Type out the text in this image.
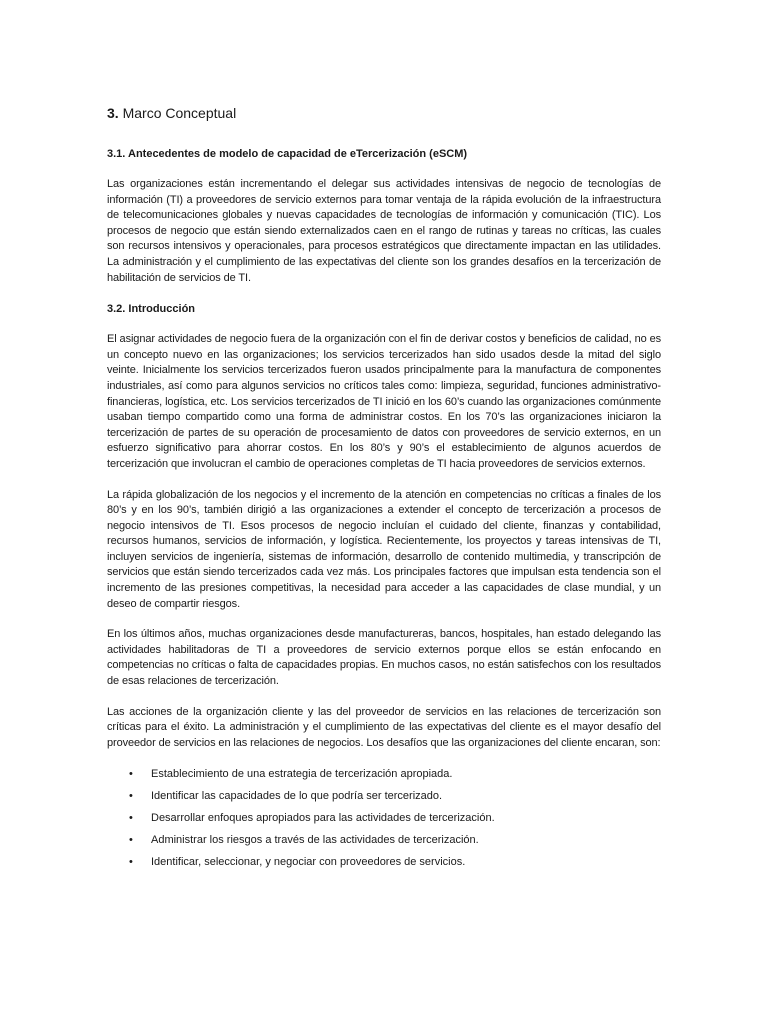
3. Marco Conceptual
3.1. Antecedentes de modelo de capacidad de eTercerización (eSCM)

Las organizaciones están incrementando el delegar sus actividades intensivas de negocio de tecnologías de información (TI) a proveedores de servicio externos para tomar ventaja de la rápida evolución de la infraestructura de telecomunicaciones globales y nuevas capacidades de tecnologías de información y comunicación (TIC). Los procesos de negocio que están siendo externalizados caen en el rango de rutinas y tareas no críticas, las cuales son recursos intensivos y operacionales, para procesos estratégicos que directamente impactan en las utilidades. La administración y el cumplimiento de las expectativas del cliente son los grandes desafíos en la tercerización de habilitación de servicios de TI.

3.2. Introducción

El asignar actividades de negocio fuera de la organización con el fin de derivar costos y beneficios de calidad, no es un concepto nuevo en las organizaciones; los servicios tercerizados han sido usados desde la mitad del siglo veinte. Inicialmente los servicios tercerizados fueron usados principalmente para la manufactura de componentes industriales, así como para algunos servicios no críticos tales como: limpieza, seguridad, funciones administrativo-financieras, logística, etc. Los servicios tercerizados de TI inició en los 60’s cuando las organizaciones comúnmente usaban tiempo compartido como una forma de administrar costos. En los 70’s las organizaciones iniciaron la tercerización de partes de su operación de procesamiento de datos con proveedores de servicio externos, en un esfuerzo significativo para ahorrar costos. En los 80’s y 90’s el establecimiento de algunos acuerdos de tercerización que involucran el cambio de operaciones completas de TI hacia proveedores de servicios externos.

La rápida globalización de los negocios y el incremento de la atención en competencias no críticas a finales de los 80’s y en los 90’s, también dirigió a las organizaciones a extender el concepto de tercerización a procesos de negocio intensivos de TI. Esos procesos de negocio incluían el cuidado del cliente, finanzas y contabilidad, recursos humanos, servicios de información, y logística. Recientemente, los proyectos y tareas intensivas de TI, incluyen servicios de ingeniería, sistemas de información, desarrollo de contenido multimedia, y transcripción de servicios que están siendo tercerizados cada vez más. Los principales factores que impulsan esta tendencia son el incremento de las presiones competitivas, la necesidad para acceder a las capacidades de clase mundial, y un deseo de compartir riesgos.

En los últimos años, muchas organizaciones desde manufactureras, bancos, hospitales, han estado delegando las actividades habilitadoras de TI a proveedores de servicio externos porque ellos se están enfocando en competencias no críticas o falta de capacidades propias. En muchos casos, no están satisfechos con los resultados de esas relaciones de tercerización.

Las acciones de la organización cliente y las del proveedor de servicios en las relaciones de tercerización son críticas para el éxito. La administración y el cumplimiento de las expectativas del cliente es el mayor desafío del proveedor de servicios en las relaciones de negocios. Los desafíos que las organizaciones del cliente encaran, son:

• Establecimiento de una estrategia de tercerización apropiada.
• Identificar las capacidades de lo que podría ser tercerizado.
• Desarrollar enfoques apropiados para las actividades de tercerización.
• Administrar los riesgos a través de las actividades de tercerización.
• Identificar, seleccionar, y negociar con proveedores de servicios.
